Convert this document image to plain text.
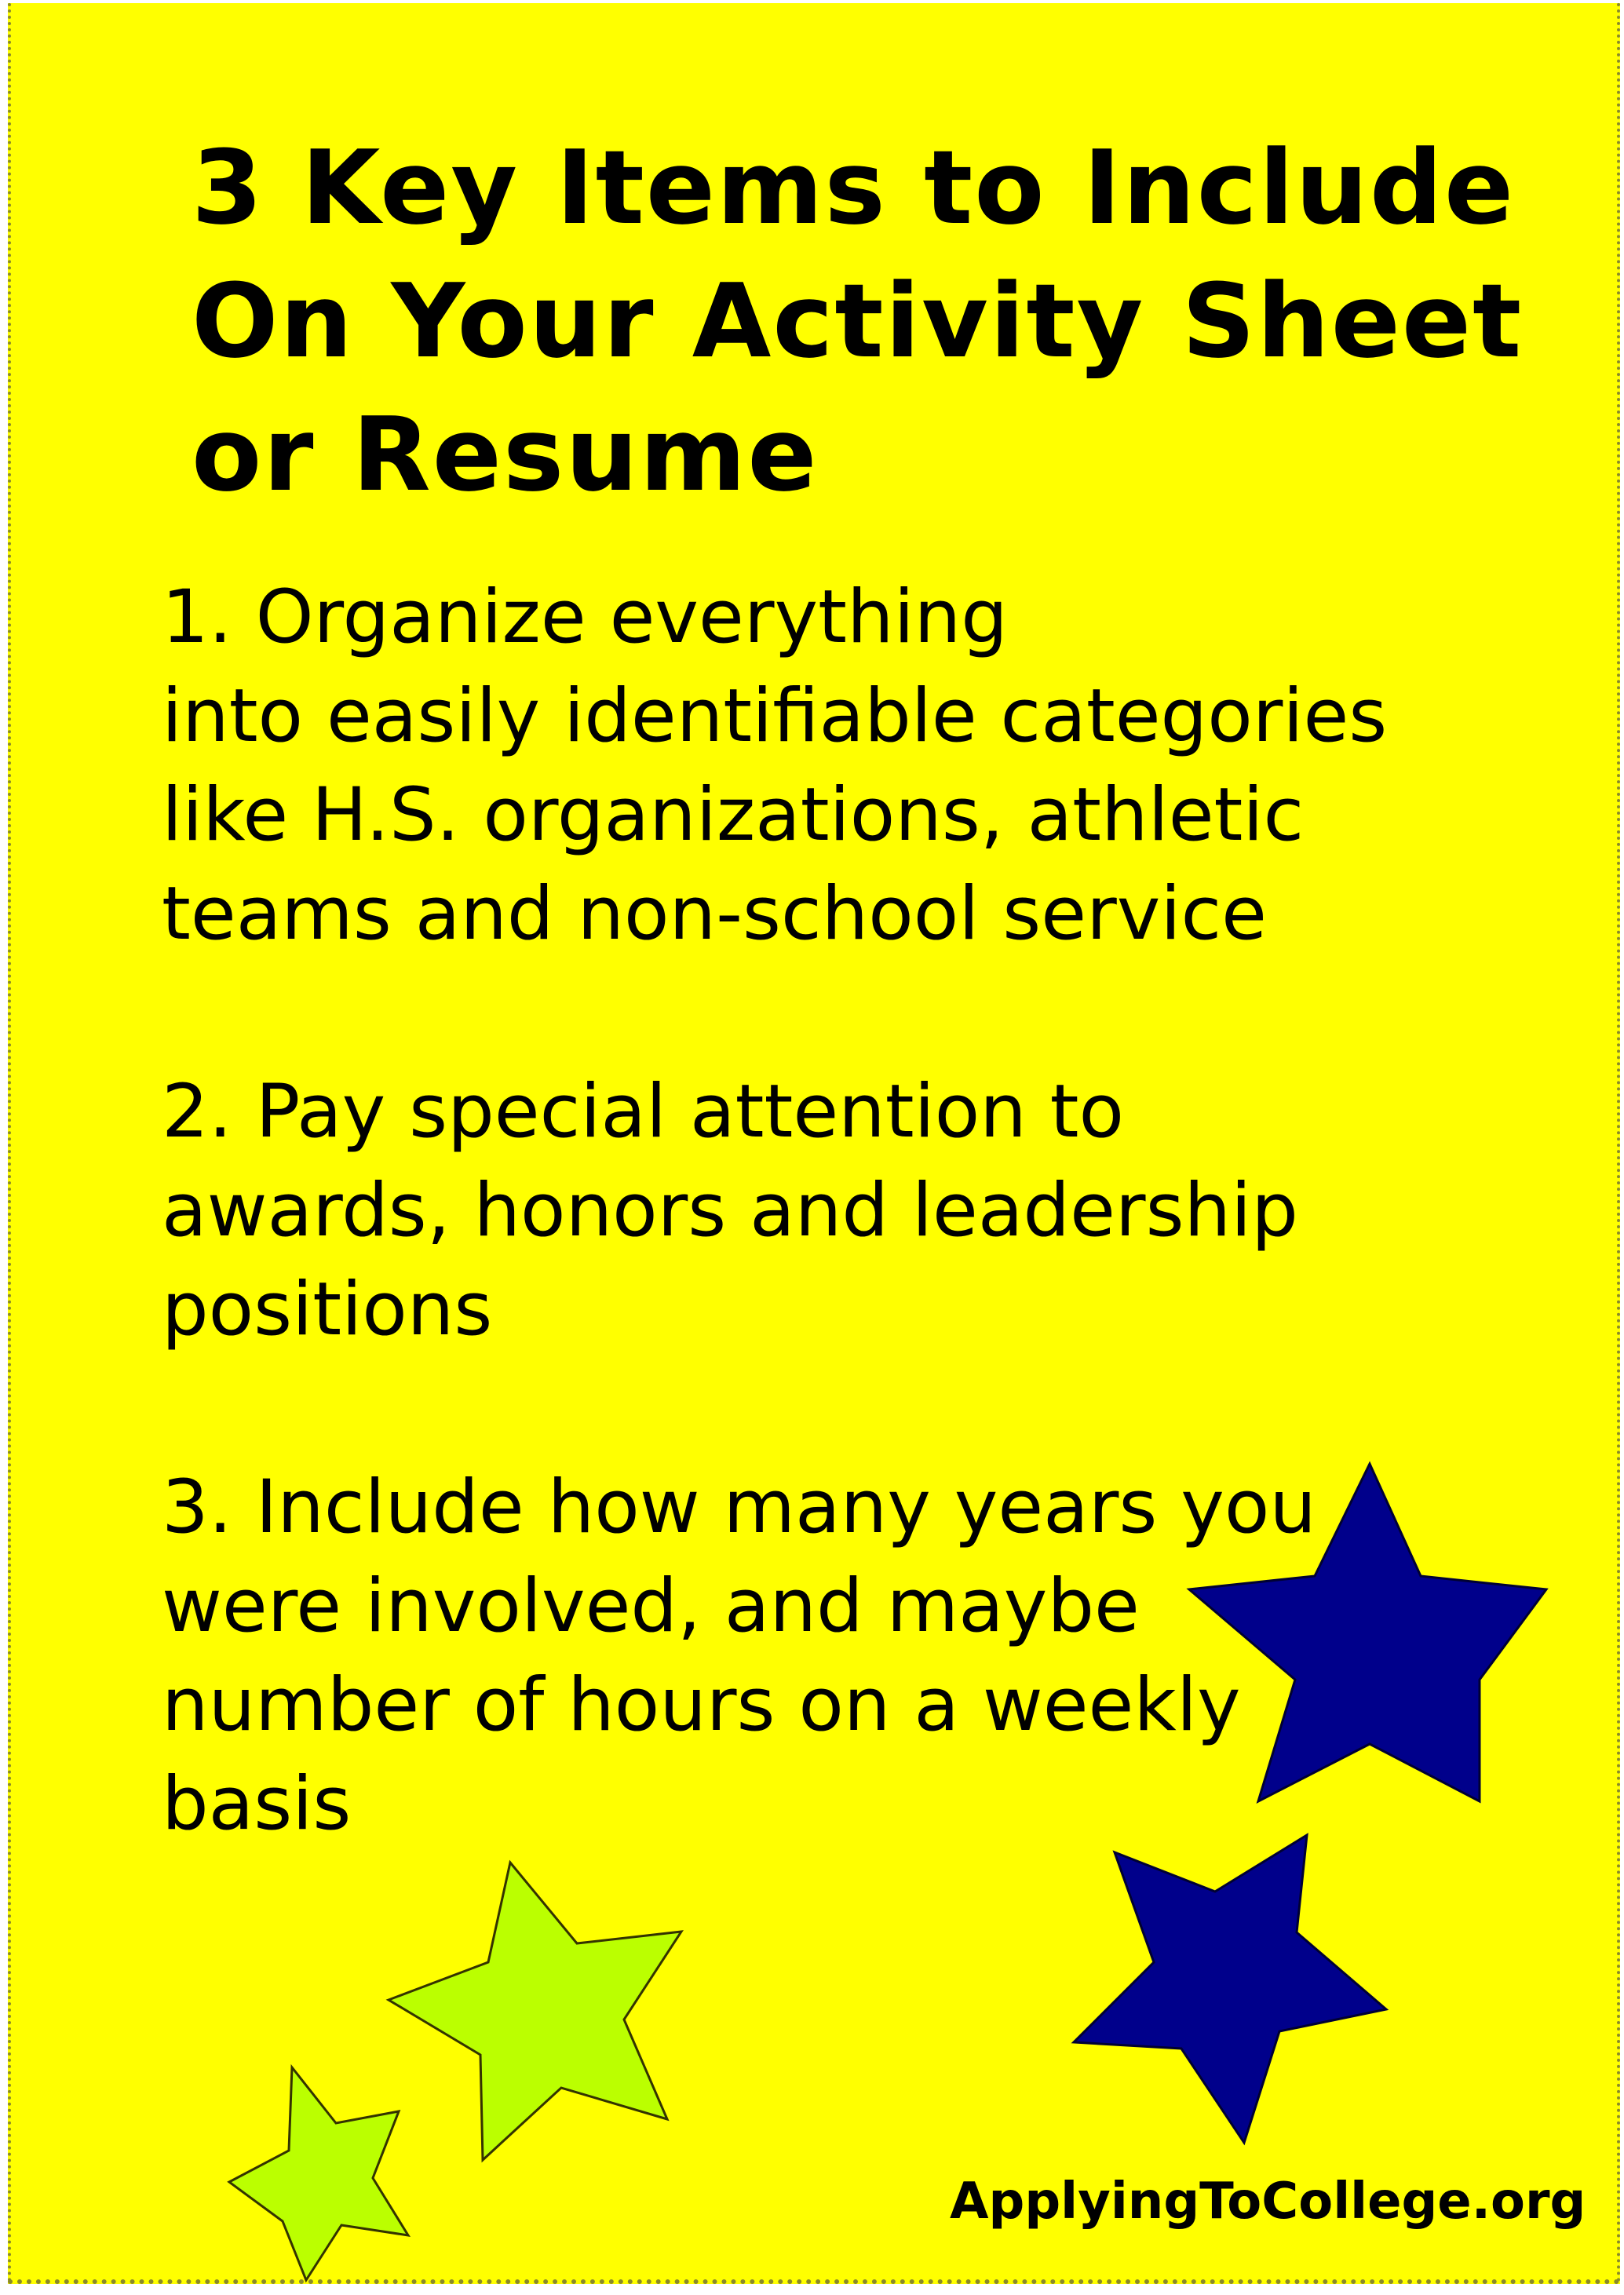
3 Key Items to Include
On Your Activity Sheet
or Resume

1. Organize everything
into easily identifiable categories
like H.S. organizations, athletic
teams and non-school service

2. Pay special attention to
awards, honors and leadership
positions

3. Include how many years you
were involved, and maybe
number of hours on a weekly
basis

ApplyingToCollege.org
